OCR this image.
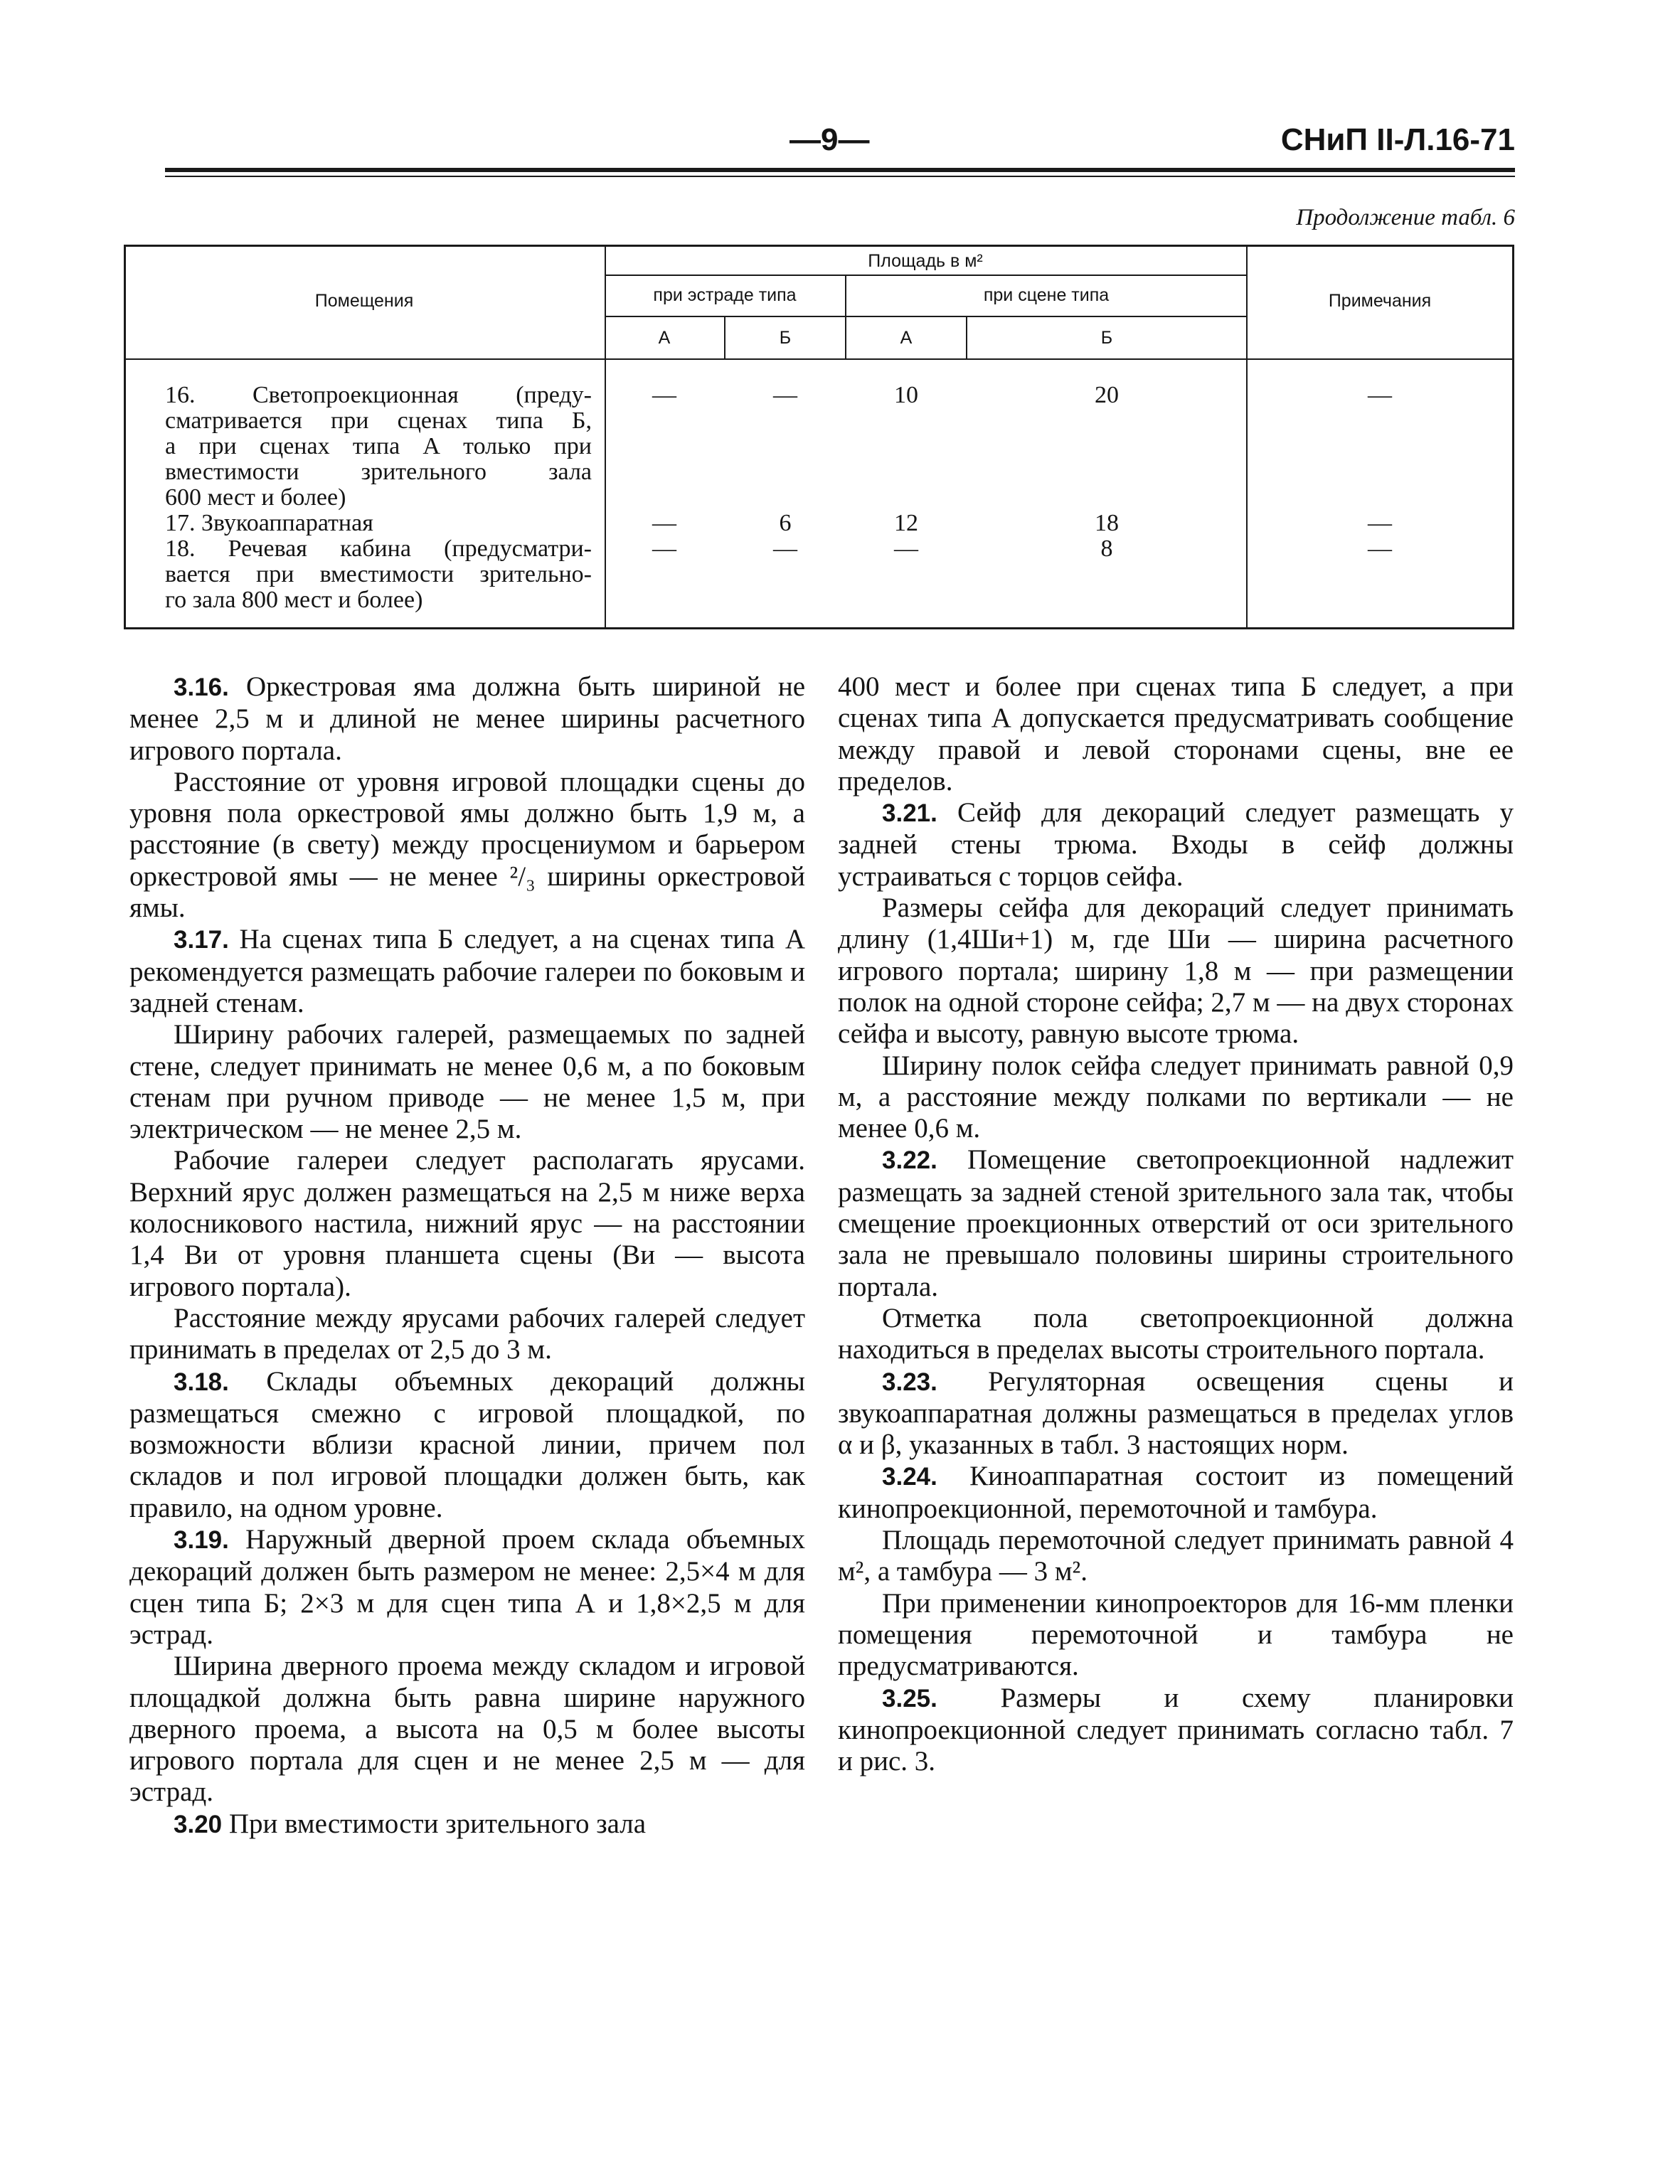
—9—	СНиП II-Л.16-71
Продолжение табл. 6
Помещения
Площадь в м²
при эстраде типа	при сцене типа	Примечания
А	Б	А	Б
16. Светопроекционная (преду-
сматривается при сценах типа Б,
а при сценах типа А только при
вместимости зрительного зала
600 мест и более)
—	—	10	20	—
17. Звукоаппаратная	—	6	12	18	—
18. Речевая кабина (предусматри-
вается при вместимости зрительно-
го зала 800 мест и более)
—	—	—	8	—

3.16. Оркестровая яма должна быть шириной не менее 2,5 м и длиной не менее ширины расчетного игрового портала.

Расстояние от уровня игровой площадки сцены до уровня пола оркестровой ямы должно быть 1,9 м, а расстояние (в свету) между просцениумом и барьером оркестровой ямы — не менее ²/₃ ширины оркестровой ямы.

3.17. На сценах типа Б следует, а на сценах типа А рекомендуется размещать рабочие галереи по боковым и задней стенам.

Ширину рабочих галерей, размещаемых по задней стене, следует принимать не менее 0,6 м, а по боковым стенам при ручном приводе — не менее 1,5 м, при электрическом — не менее 2,5 м.

Рабочие галереи следует располагать ярусами. Верхний ярус должен размещаться на 2,5 м ниже верха колосникового настила, нижний ярус — на расстоянии 1,4 Ви от уровня планшета сцены (Ви — высота игрового портала).

Расстояние между ярусами рабочих галерей следует принимать в пределах от 2,5 до 3 м.

3.18. Склады объемных декораций должны размещаться смежно с игровой площадкой, по возможности вблизи красной линии, причем пол складов и пол игровой площадки должен быть, как правило, на одном уровне.

3.19. Наружный дверной проем склада объемных декораций должен быть размером не менее: 2,5×4 м для сцен типа Б; 2×3 м для сцен типа А и 1,8×2,5 м для эстрад.

Ширина дверного проема между складом и игровой площадкой должна быть равна ширине наружного дверного проема, а высота на 0,5 м более высоты игрового портала для сцен и не менее 2,5 м — для эстрад.

3.20 При вместимости зрительного зала

400 мест и более при сценах типа Б следует, а при сценах типа А допускается предусматривать сообщение между правой и левой сторонами сцены, вне ее пределов.

3.21. Сейф для декораций следует размещать у задней стены трюма. Входы в сейф должны устраиваться с торцов сейфа.

Размеры сейфа для декораций следует принимать длину (1,4Ши+1) м, где Ши — ширина расчетного игрового портала; ширину 1,8 м — при размещении полок на одной стороне сейфа; 2,7 м — на двух сторонах сейфа и высоту, равную высоте трюма.

Ширину полок сейфа следует принимать равной 0,9 м, а расстояние между полками по вертикали — не менее 0,6 м.

3.22. Помещение светопроекционной надлежит размещать за задней стеной зрительного зала так, чтобы смещение проекционных отверстий от оси зрительного зала не превышало половины ширины строительного портала.

Отметка пола светопроекционной должна находиться в пределах высоты строительного портала.

3.23. Регуляторная освещения сцены и звукоаппаратная должны размещаться в пределах углов α и β, указанных в табл. 3 настоящих норм.

3.24. Киноаппаратная состоит из помещений кинопроекционной, перемоточной и тамбура.

Площадь перемоточной следует принимать равной 4 м², а тамбура — 3 м².

При применении кинопроекторов для 16-мм пленки помещения перемоточной и тамбура не предусматриваются.

3.25. Размеры и схему планировки кинопроекционной следует принимать согласно табл. 7 и рис. 3.
